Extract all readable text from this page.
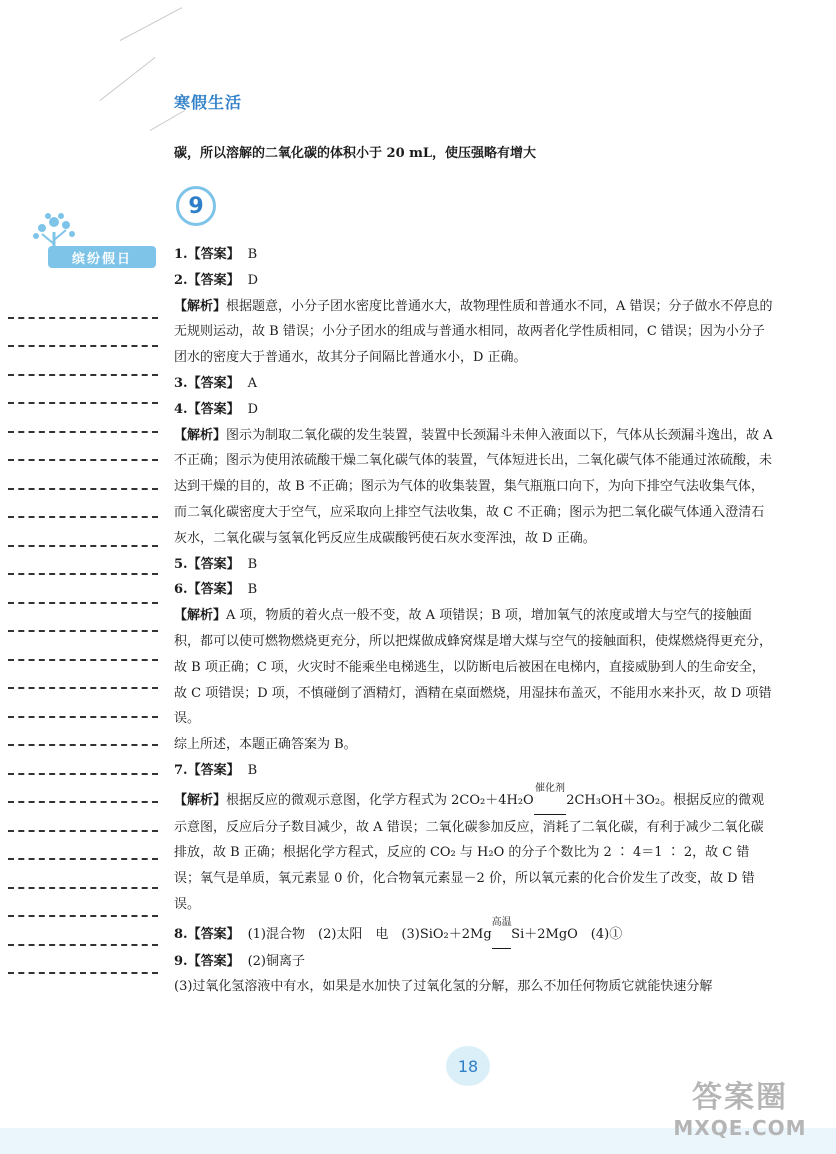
寒假生活
碳，所以溶解的二氧化碳的体积小于 20 mL，使压强略有增大
9
缤纷假日	1.【答案】 B

2.【答案】 D

【解析】根据题意，小分子团水密度比普通水大，故物理性质和普通水不同，A 错误；分子做水不停息的无规则运动，故 B 错误；小分子团水的组成与普通水相同，故两者化学性质相同，C 错误；因为小分子团水的密度大于普通水，故其分子间隔比普通水小，D 正确。

3.【答案】 A

4.【答案】 D

【解析】图示为制取二氧化碳的发生装置，装置中长颈漏斗未伸入液面以下，气体从长颈漏斗逸出，故 A 不正确；图示为使用浓硫酸干燥二氧化碳气体的装置，气体短进长出，二氧化碳气体不能通过浓硫酸，未达到干燥的目的，故 B 不正确；图示为气体的收集装置，集气瓶瓶口向下，为向下排空气法收集气体，而二氧化碳密度大于空气，应采取向上排空气法收集，故 C 不正确；图示为把二氧化碳气体通入澄清石灰水，二氧化碳与氢氧化钙反应生成碳酸钙使石灰水变浑浊，故 D 正确。

5.【答案】 B

6.【答案】 B

【解析】A 项，物质的着火点一般不变，故 A 项错误；B 项，增加氧气的浓度或增大与空气的接触面积，都可以使可燃物燃烧更充分，所以把煤做成蜂窝煤是增大煤与空气的接触面积，使煤燃烧得更充分，故 B 项正确；C 项，火灾时不能乘坐电梯逃生，以防断电后被困在电梯内，直接威胁到人的生命安全，故 C 项错误；D 项，不慎碰倒了酒精灯，酒精在桌面燃烧，用湿抹布盖灭，不能用水来扑灭，故 D 项错误。

综上所述，本题正确答案为 B。

7.【答案】 B

【解析】根据反应的微观示意图，化学方程式为 2CO₂＋4H₂O
催化剂
   2CH₃OH＋3O₂。根据反应的微观示意图，反应后分子数目减少，故 A 错误；二氧化碳参加反应，消耗了二氧化碳，有利于减少二氧化碳排放，故 B 正确；根据化学方程式，反应的 CO₂ 与 H₂O 的分子个数比为 2 ∶ 4＝1 ∶ 2，故 C 错误；氧气是单质，氧元素显 0 价，化合物氧元素显－2 价，所以氧元素的化合价发生了改变，故 D 错误。

8.【答案】 (1)混合物　(2)太阳　电　(3)SiO₂＋2Mg
高温
  Si＋2MgO　(4)①

9.【答案】 (2)铜离子

(3)过氧化氢溶液中有水，如果是水加快了过氧化氢的分解，那么不加任何物质它就能快速分解

18
答案圈
MXQE.COM
